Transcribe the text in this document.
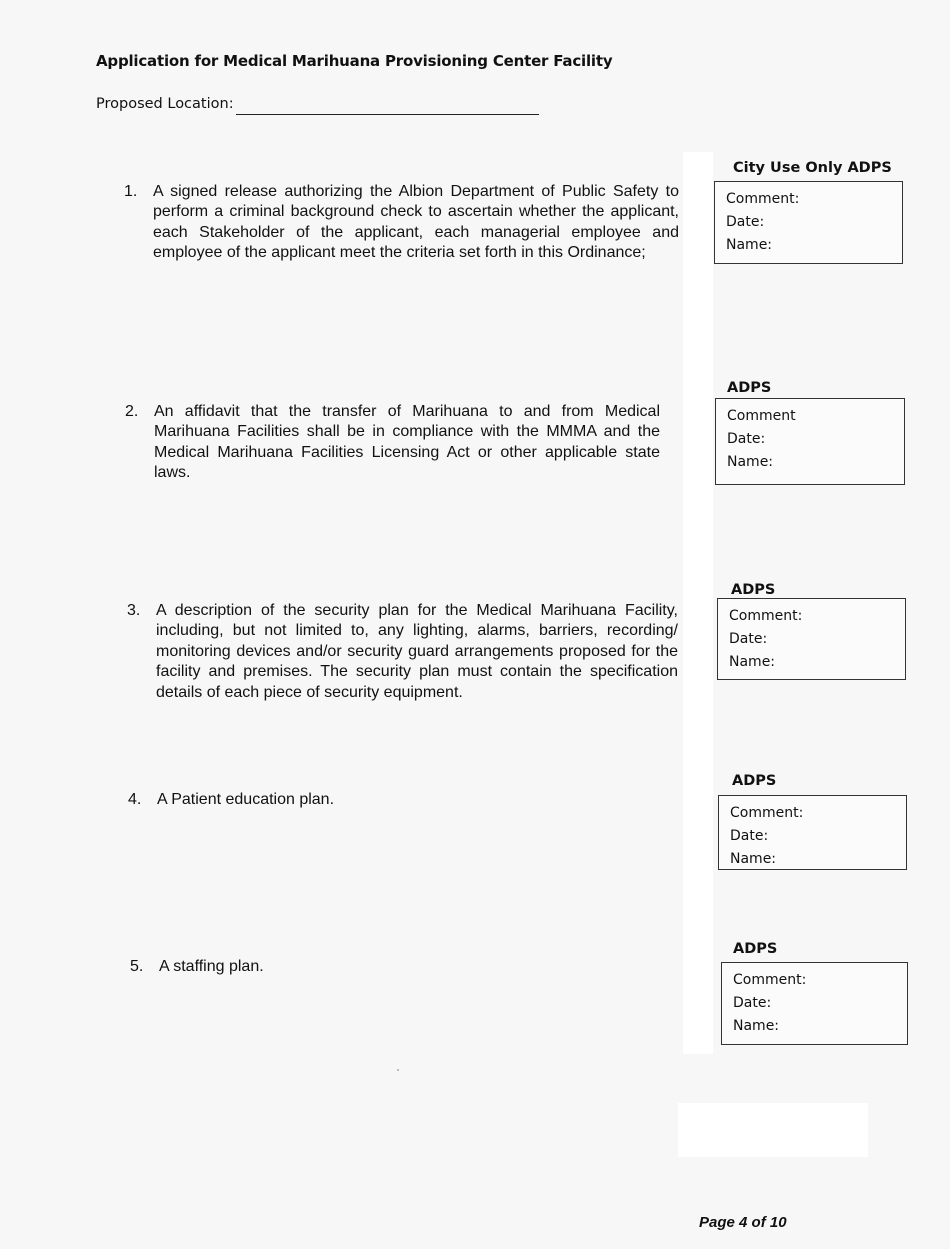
Application for Medical Marihuana Provisioning Center Facility
Proposed Location:
1. A signed release authorizing the Albion Department of Public Safety to perform a criminal background check to ascertain whether the applicant, each Stakeholder of the applicant, each managerial employee and employee of the applicant meet the criteria set forth in this Ordinance;
City Use Only ADPS
Comment:
Date:
Name:
2. An affidavit that the transfer of Marihuana to and from Medical Marihuana Facilities shall be in compliance with the MMMA and the Medical Marihuana Facilities Licensing Act or other applicable state laws.
ADPS
Comment
Date:
Name:
3. A description of the security plan for the Medical Marihuana Facility, including, but not limited to, any lighting, alarms, barriers, recording/ monitoring devices and/or security guard arrangements proposed for the facility and premises. The security plan must contain the specification details of each piece of security equipment.
ADPS
Comment:
Date:
Name:
4. A Patient education plan.
ADPS
Comment:
Date:
Name:
5. A staffing plan.
ADPS
Comment:
Date:
Name:
Page 4 of 10
